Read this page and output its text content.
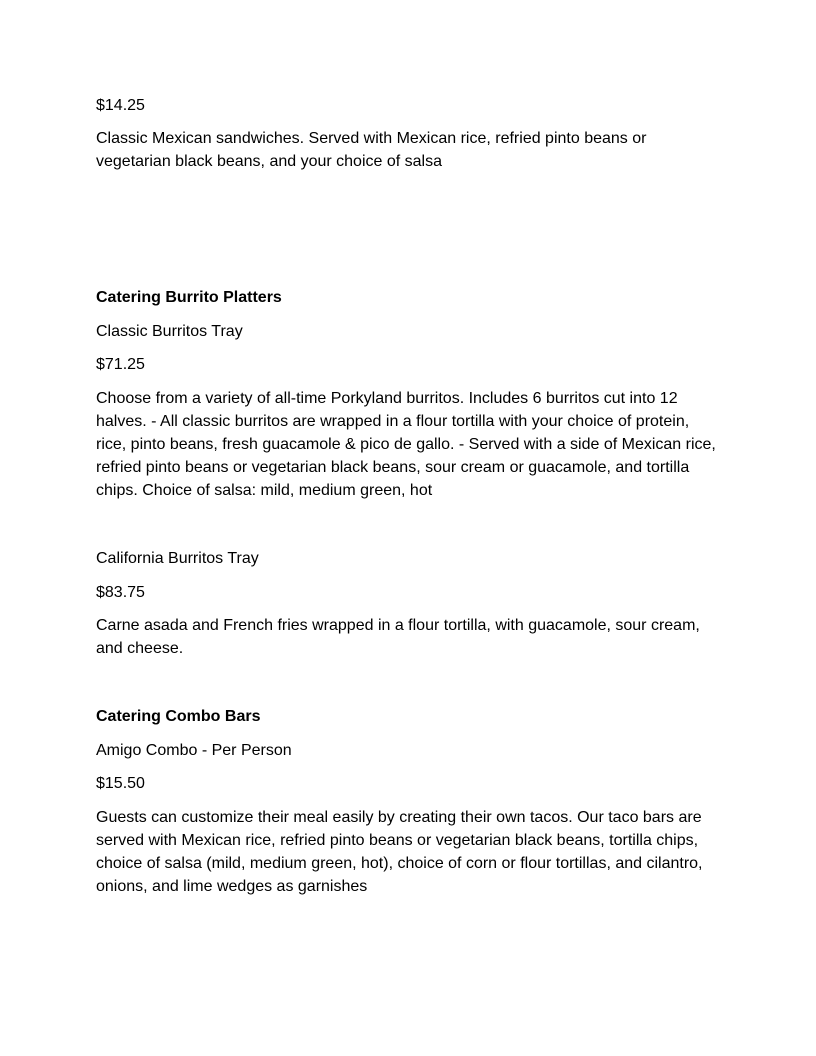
$14.25

Classic Mexican sandwiches. Served with Mexican rice, refried pinto beans or

vegetarian black beans, and your choice of salsa

Catering Burrito Platters

Classic Burritos Tray

$71.25

Choose from a variety of all-time Porkyland burritos. Includes 6 burritos cut into 12

halves. - All classic burritos are wrapped in a flour tortilla with your choice of protein,

rice, pinto beans, fresh guacamole & pico de gallo. - Served with a side of Mexican rice,

refried pinto beans or vegetarian black beans, sour cream or guacamole, and tortilla

chips. Choice of salsa: mild, medium green, hot

California Burritos Tray

$83.75

Carne asada and French fries wrapped in a flour tortilla, with guacamole, sour cream,

and cheese.

Catering Combo Bars

Amigo Combo - Per Person

$15.50

Guests can customize their meal easily by creating their own tacos. Our taco bars are

served with Mexican rice, refried pinto beans or vegetarian black beans, tortilla chips,

choice of salsa (mild, medium green, hot), choice of corn or flour tortillas, and cilantro,

onions, and lime wedges as garnishes
